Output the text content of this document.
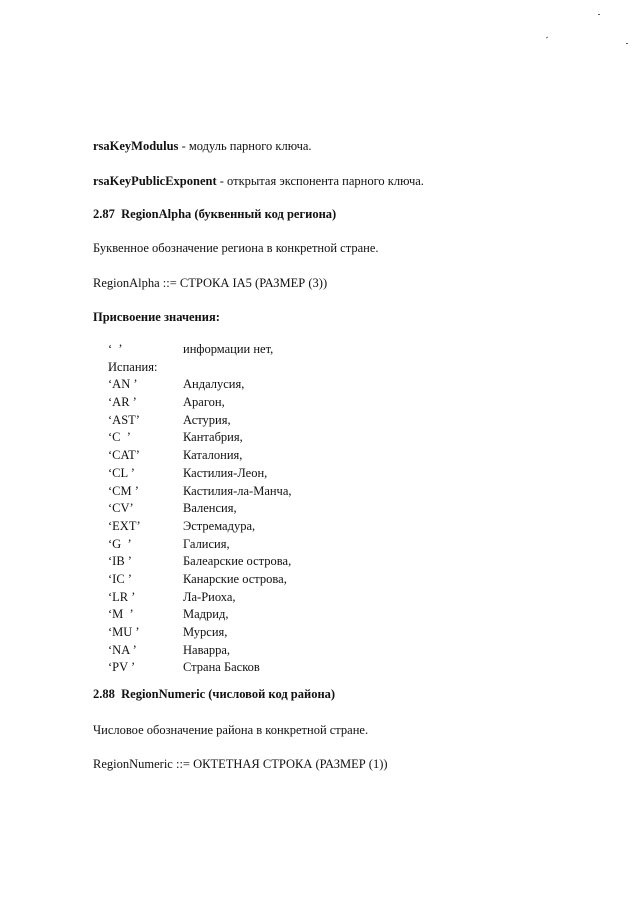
rsaKeyModulus - модуль парного ключа.
rsaKeyPublicExponent - открытая экспонента парного ключа.
2.87 RegionAlpha (буквенный код региона)
Буквенное обозначение региона в конкретной стране.
RegionAlpha ::= СТРОКА IA5 (РАЗМЕР (3))
Присвоение значения:
‘  ’	информации нет,
Испания:
‘AN ’	Андалусия,
‘AR ’	Арагон,
‘AST’	Астурия,
‘C  ’	Кантабрия,
‘CAT’	Каталония,
‘CL ’	Кастилия-Леон,
‘CM ’	Кастилия-ла-Манча,
‘CV’	Валенсия,
‘EXT’	Эстремадура,
‘G  ’	Галисия,
‘IB ’	Балеарские острова,
‘IC ’	Канарские острова,
‘LR ’	Ла-Риоха,
‘M  ’	Мадрид,
‘MU ’	Мурсия,
‘NA ’	Наварра,
‘PV ’	Страна Басков
2.88 RegionNumeric (числовой код района)
Числовое обозначение района в конкретной стране.
RegionNumeric ::= ОКТЕТНАЯ СТРОКА (РАЗМЕР (1))
